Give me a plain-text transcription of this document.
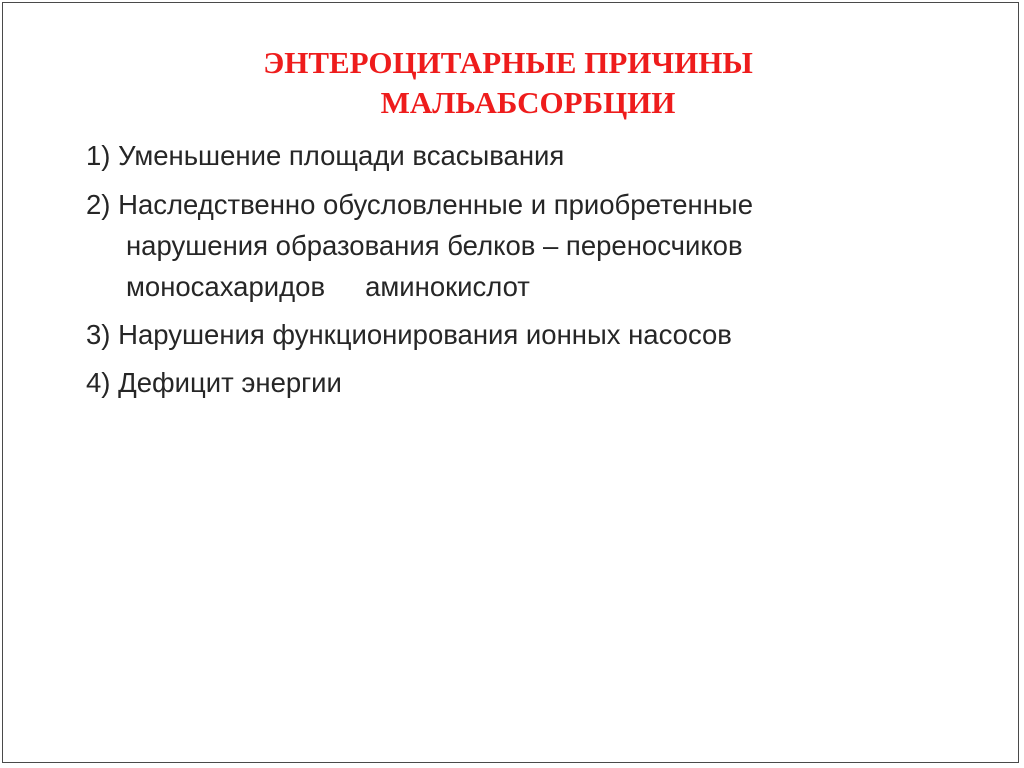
ЭНТЕРОЦИТАРНЫЕ ПРИЧИНЫ
МАЛЬАБСОРБЦИИ
1) Уменьшение площади всасывания
2) Наследственно обусловленные и приобретенные
нарушения образования белков – переносчиков
моносахаридов аминокислот
3) Нарушения функционирования ионных насосов
4) Дефицит энергии
